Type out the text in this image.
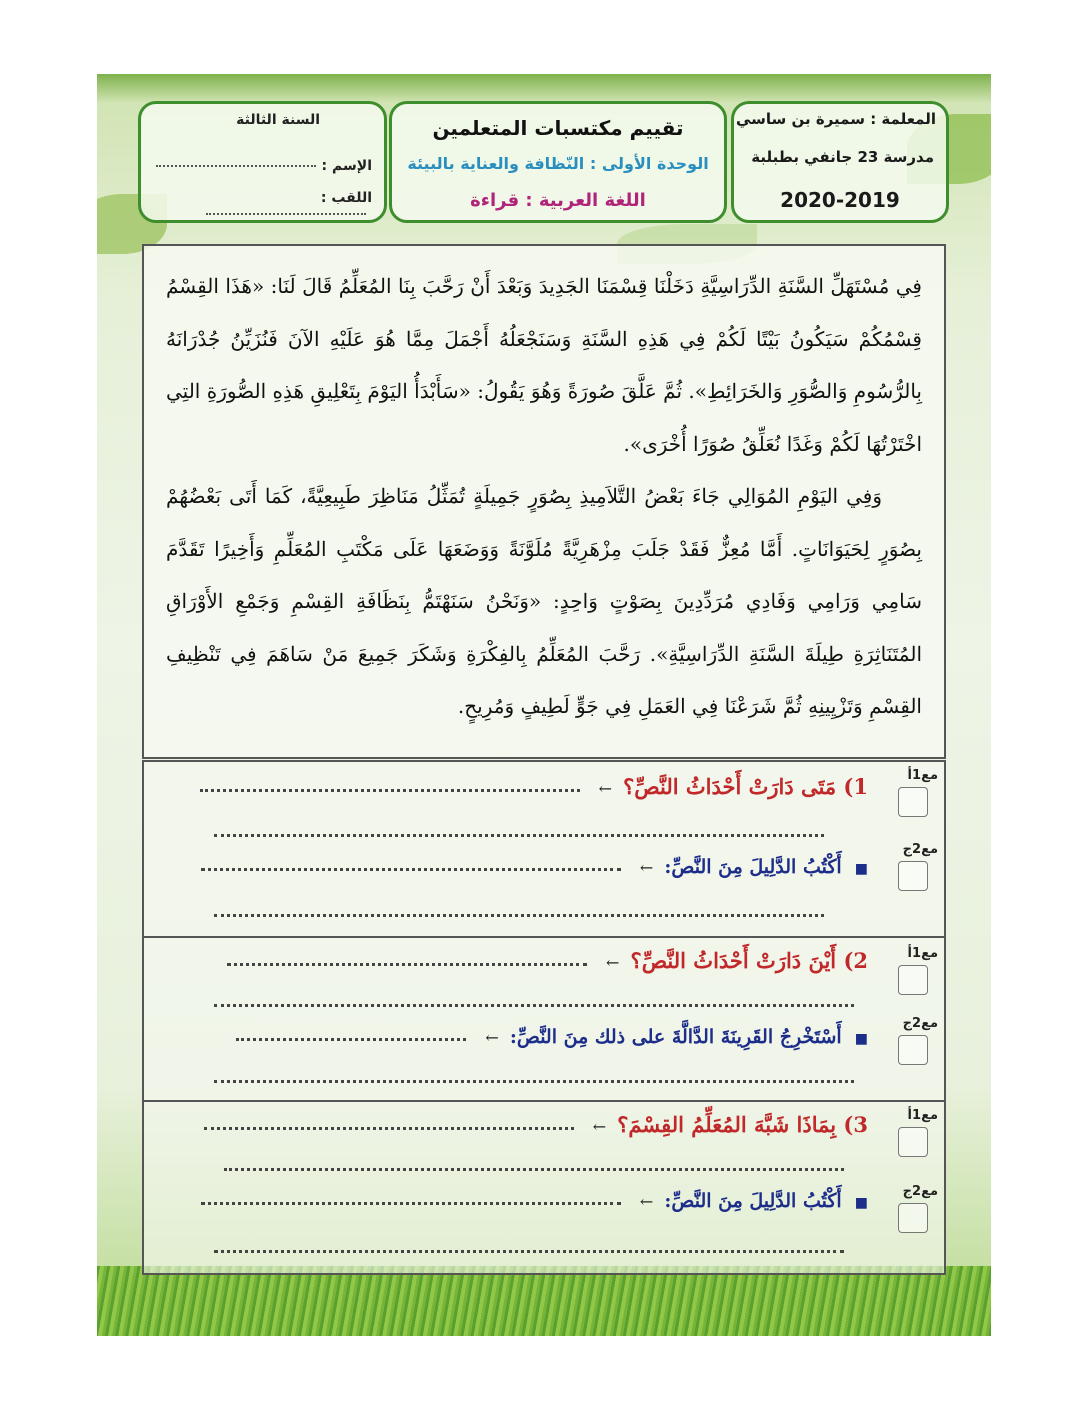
المعلمة : سميرة بن ساسي
مدرسة 23 جانفي بطبلبة
2020-2019
تقييم مكتسبات المتعلمين
الوحدة الأولى : النّظافة والعناية بالبيئة
اللغة العربية : قراءة
السنة الثالثة
الإسم :
اللقب :
فِي مُسْتَهَلِّ السَّنَةِ الدِّرَاسِيَّةِ دَخَلْنَا قِسْمَنَا الجَدِيدَ وَبَعْدَ أَنْ رَحَّبَ بِنَا المُعَلِّمُ قَالَ لَنَا: «هَذَا القِسْمُ قِسْمُكُمْ سَيَكُونُ بَيْتًا لَكُمْ فِي هَذِهِ السَّنَةِ وَسَنَجْعَلُهُ أَجْمَلَ مِمَّا هُوَ عَلَيْهِ الآنَ فَنُزَيِّنُ جُدْرَانَهُ بِالرُّسُومِ وَالصُّوَرِ وَالخَرَائِطِ». ثُمَّ عَلَّقَ صُورَةً وَهُوَ يَقُولُ: «سَأَبْدَأُ اليَوْمَ بِتَعْلِيقِ هَذِهِ الصُّورَةِ التِي اخْتَرْتُهَا لَكُمْ وَغَدًا نُعَلِّقُ صُوَرًا أُخْرَى».
وَفِي اليَوْمِ المُوَالِي جَاءَ بَعْضُ التَّلاَمِيذِ بِصُوَرٍ جَمِيلَةٍ تُمَثِّلُ مَنَاظِرَ طَبِيعِيَّةً، كَمَا أَتَى بَعْضُهُمْ بِصُوَرٍ لِحَيَوَانَاتٍ. أَمَّا مُعِزٌّ فَقَدْ جَلَبَ مِزْهَرِيَّةً مُلَوَّنَةً وَوَضَعَهَا عَلَى مَكْتَبِ المُعَلِّمِ وَأَخِيرًا تَقَدَّمَ سَامِي وَرَامِي وَفَادِي مُرَدِّدِينَ بِصَوْتٍ وَاحِدٍ: «وَنَحْنُ سَنَهْتَمُّ بِنَظَافَةِ القِسْمِ وَجَمْعِ الأَوْرَاقِ المُتَنَاثِرَةِ طِيلَةَ السَّنَةِ الدِّرَاسِيَّةِ». رَحَّبَ المُعَلِّمُ بِالفِكْرَةِ وَشَكَرَ جَمِيعَ مَنْ سَاهَمَ فِي تَنْظِيفِ القِسْمِ وَتَزْيِينِهِ ثُمَّ شَرَعْنَا فِي العَمَلِ فِي جَوٍّ لَطِيفٍ وَمُرِيحٍ.
مع1أ
مع2ج
1) مَتَى دَارَتْ أَحْدَاثُ النَّصِّ؟ ←
■ أَكْتُبُ الدَّلِيلَ مِنَ النَّصِّ: ←
مع1أ
مع2ج
2) أَيْنَ دَارَتْ أَحْدَاثُ النَّصِّ؟ ←
■ أَسْتَخْرِجُ القَرِينَةَ الدَّالَّةَ على ذلك مِنَ النَّصِّ: ←
مع1أ
مع2ج
3) بِمَاذَا شَبَّهَ المُعَلِّمُ القِسْمَ؟ ←
■ أَكْتُبُ الدَّلِيلَ مِنَ النَّصِّ: ←
